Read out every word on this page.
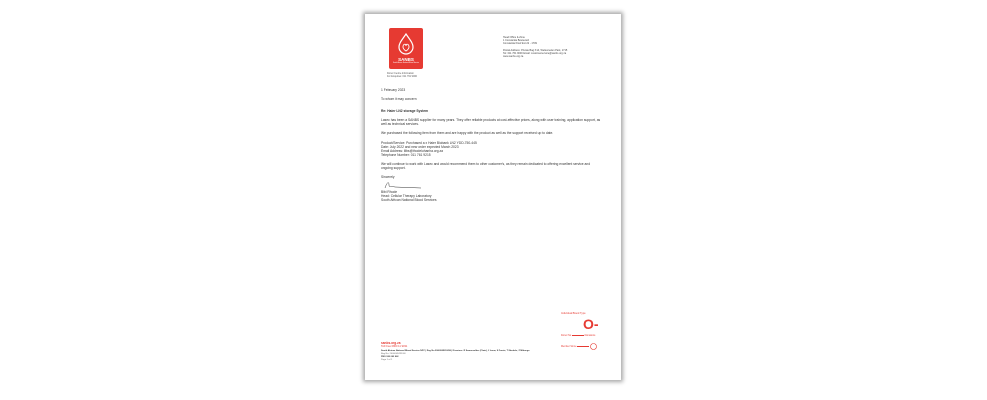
SANBS
South African National Blood Service
Donor Centre Information
For Enquiries: 011 761 9000
Head Office & Zone
1 Constantia Boulevard
Constantia Kloof Ext 22 - 1709
Postal Address: Private Bag X14, Weltevreden Park, 1715
Tel: 011 761 9000 Email: customerservice@sanbs.org.za
www.sanbs.org.za

1 February 2023

To whom it may concern

Re: Haier LN2 storage System

Lasec has been a SANBS supplier for many years. They offer reliable products at cost-effective prices, along with user training, application support, as well as technical services.

We purchased the following item from them and are happy with the product as well as the support received up to date.

Product/Service: Purchased a x Haier Biobank LN2 YDD-750-445
Date: July 2022 and new order expected March 2023
Email Address: lilbs@thodeluhanha.org.za
Telephone Number: 011 761 9215

We will continue to work with Lasec and would recommend them to other customer's, as they remain dedicated to offering excellent service and ongoing support.

Sincerely

Bibi Rhode
Head: Cellular Therapy Laboratory
South African National Blood Services
Individual Blood Type
O-
Donor No	Donations
Member Since
sanbs.org.za
Toll Free 0800 11 9031
South African National Blood Service NPC | Reg No 2000/005291/08 | Directors: R Swanevelder (Chair), J Louw, S Fourie, T Mashele, Z Mhlongo
Reg No. 2000/005291/08
PBO 930 002 962
Page 1 of 1
